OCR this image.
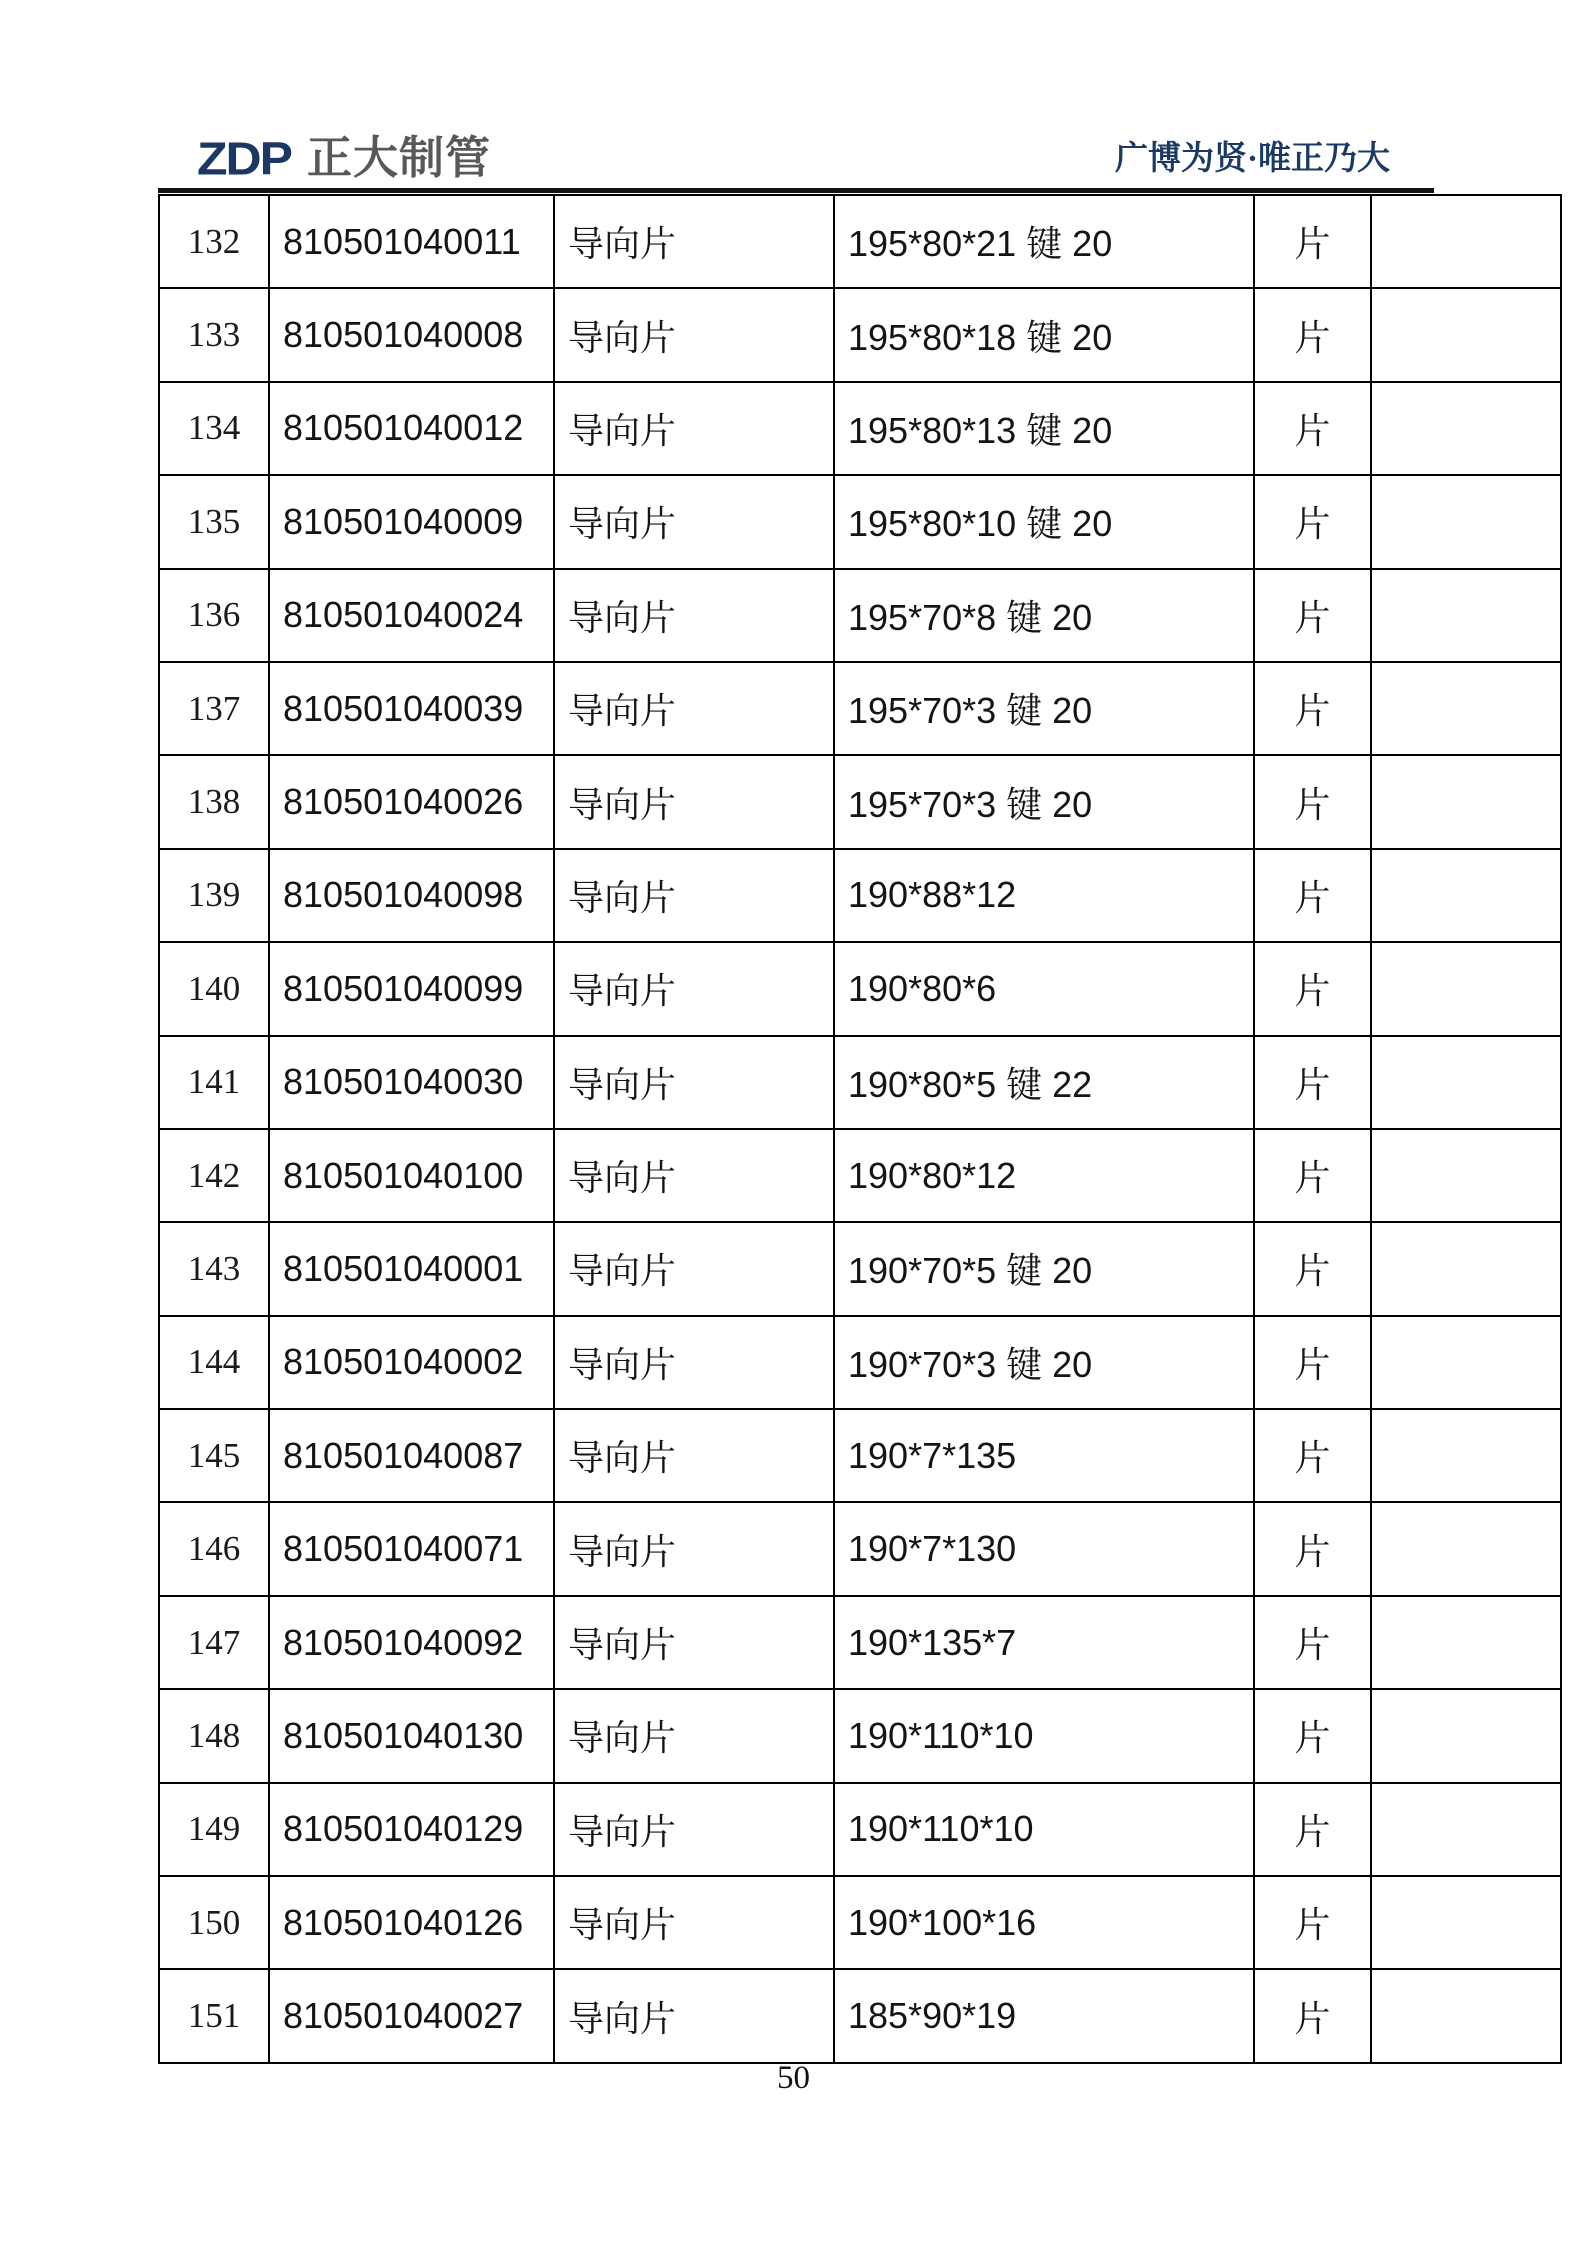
ZDP 正大制管	广博为贤·唯正乃大
132	810501040011	导向片	195*80*21 键 20	片	
133	810501040008	导向片	195*80*18 键 20	片	
134	810501040012	导向片	195*80*13 键 20	片	
135	810501040009	导向片	195*80*10 键 20	片	
136	810501040024	导向片	195*70*8 键 20	片	
137	810501040039	导向片	195*70*3 键 20	片	
138	810501040026	导向片	195*70*3 键 20	片	
139	810501040098	导向片	190*88*12	片	
140	810501040099	导向片	190*80*6	片	
141	810501040030	导向片	190*80*5 键 22	片	
142	810501040100	导向片	190*80*12	片	
143	810501040001	导向片	190*70*5 键 20	片	
144	810501040002	导向片	190*70*3 键 20	片	
145	810501040087	导向片	190*7*135	片	
146	810501040071	导向片	190*7*130	片	
147	810501040092	导向片	190*135*7	片	
148	810501040130	导向片	190*110*10	片	
149	810501040129	导向片	190*110*10	片	
150	810501040126	导向片	190*100*16	片	
151	810501040027	导向片	185*90*19	片	
50
